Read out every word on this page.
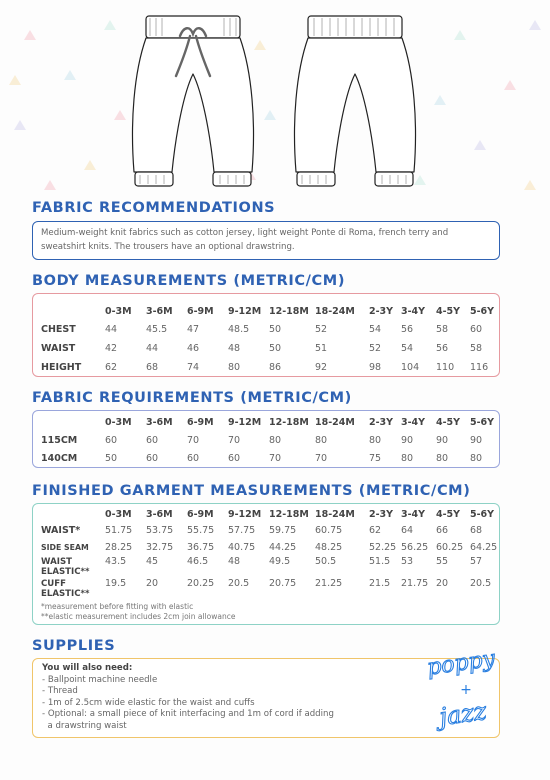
FABRIC RECOMMENDATIONS
Medium-weight knit fabrics such as cotton jersey, light weight Ponte di Roma, french terry and sweatshirt knits. The trousers have an optional drawstring.
BODY MEASUREMENTS (METRIC/CM)
	0-3M	3-6M	6-9M	9-12M	12-18M	18-24M	2-3Y	3-4Y	4-5Y	5-6Y
CHEST	44	45.5	47	48.5	50	52	54	56	58	60
WAIST	42	44	46	48	50	51	52	54	56	58
HEIGHT	62	68	74	80	86	92	98	104	110	116
FABRIC REQUIREMENTS (METRIC/CM)
	0-3M	3-6M	6-9M	9-12M	12-18M	18-24M	2-3Y	3-4Y	4-5Y	5-6Y
115CM	60	60	70	70	80	80	80	90	90	90
140CM	50	60	60	60	70	70	75	80	80	80
FINISHED GARMENT MEASUREMENTS (METRIC/CM)
	0-3M	3-6M	6-9M	9-12M	12-18M	18-24M	2-3Y	3-4Y	4-5Y	5-6Y
WAIST*	51.75	53.75	55.75	57.75	59.75	60.75	62	64	66	68
SIDE SEAM	28.25	32.75	36.75	40.75	44.25	48.25	52.25	56.25	60.25	64.25
WAIST ELASTIC**	43.5	45	46.5	48	49.5	50.5	51.5	53	55	57
CUFF ELASTIC**	19.5	20	20.25	20.5	20.75	21.25	21.5	21.75	20	20.5
*measurement before fitting with elastic
**elastic measurement includes 2cm join allowance
SUPPLIES
You will also need:
- Ballpoint machine needle
- Thread
- 1m of 2.5cm wide elastic for the waist and cuffs
- Optional: a small piece of knit interfacing and 1m of cord if adding
a drawstring waist
poppy
+
jazz
